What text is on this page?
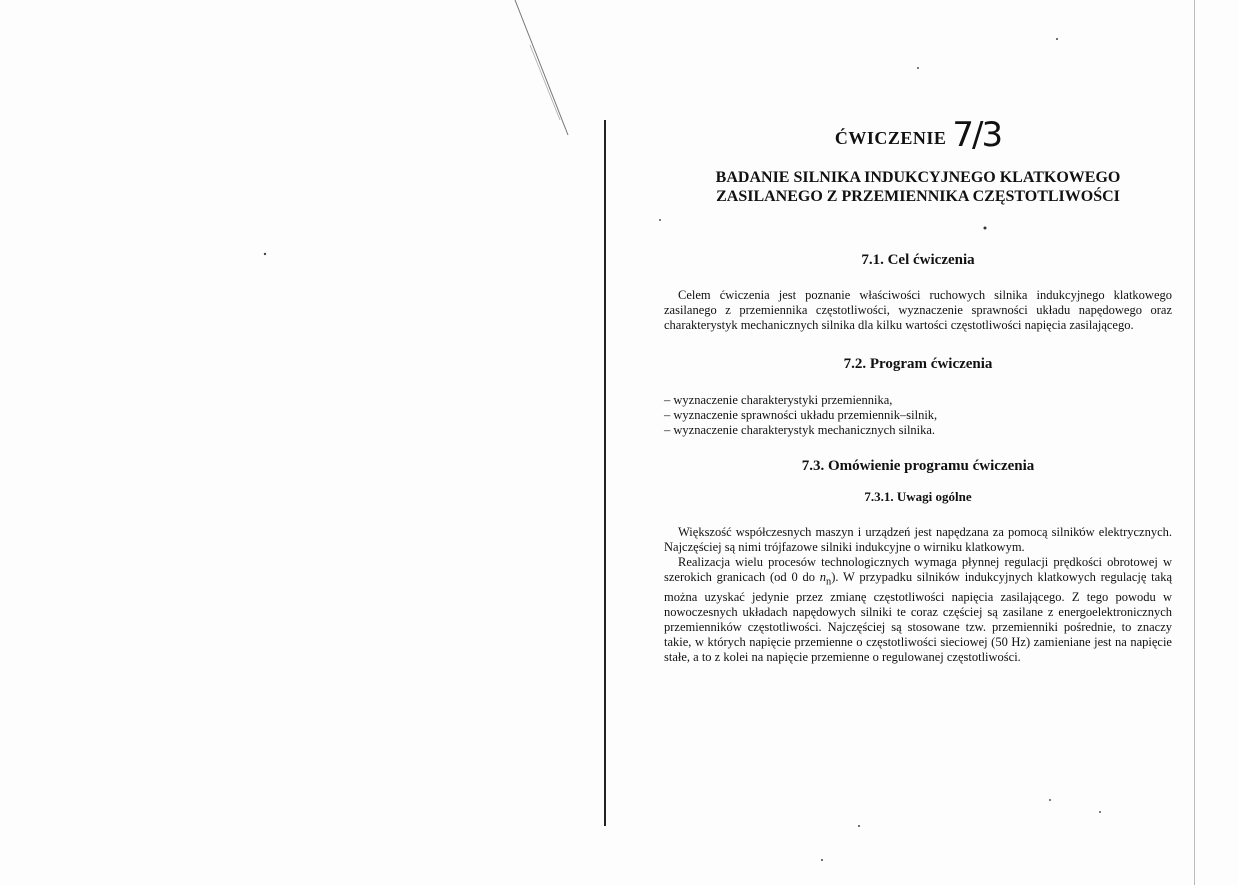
ĆWICZENIE 7/3
BADANIE SILNIKA INDUKCYJNEGO KLATKOWEGO
ZASILANEGO Z PRZEMIENNIKA CZĘSTOTLIWOŚCI
7.1. Cel ćwiczenia

Celem ćwiczenia jest poznanie właściwości ruchowych silnika indukcyjnego klatkowego zasilanego z przemiennika częstotliwości, wyznaczenie sprawności układu napędowego oraz charakterystyk mechanicznych silnika dla kilku wartości częstotliwości napięcia zasilającego.

7.2. Program ćwiczenia
– wyznaczenie charakterystyki przemiennika,
– wyznaczenie sprawności układu przemiennik–silnik,
– wyznaczenie charakterystyk mechanicznych silnika.
7.3. Omówienie programu ćwiczenia
7.3.1. Uwagi ogólne

Większość współczesnych maszyn i urządzeń jest napędzana za pomocą silników elektrycznych. Najczęściej są nimi trójfazowe silniki indukcyjne o wirniku klatkowym.

Realizacja wielu procesów technologicznych wymaga płynnej regulacji prędkości obrotowej w szerokich granicach (od 0 do $n_n$). W przypadku silników indukcyjnych klatkowych regulację taką można uzyskać jedynie przez zmianę częstotliwości napięcia zasilającego. Z tego powodu w nowoczesnych układach napędowych silniki te coraz częściej są zasilane z energoelektronicznych przemienników częstotliwości. Najczęściej są stosowane tzw. przemienniki pośrednie, to znaczy takie, w których napięcie przemienne o częstotliwości sieciowej (50 Hz) zamieniane jest na napięcie stałe, a to z kolei na napięcie przemienne o regulowanej częstotliwości.
